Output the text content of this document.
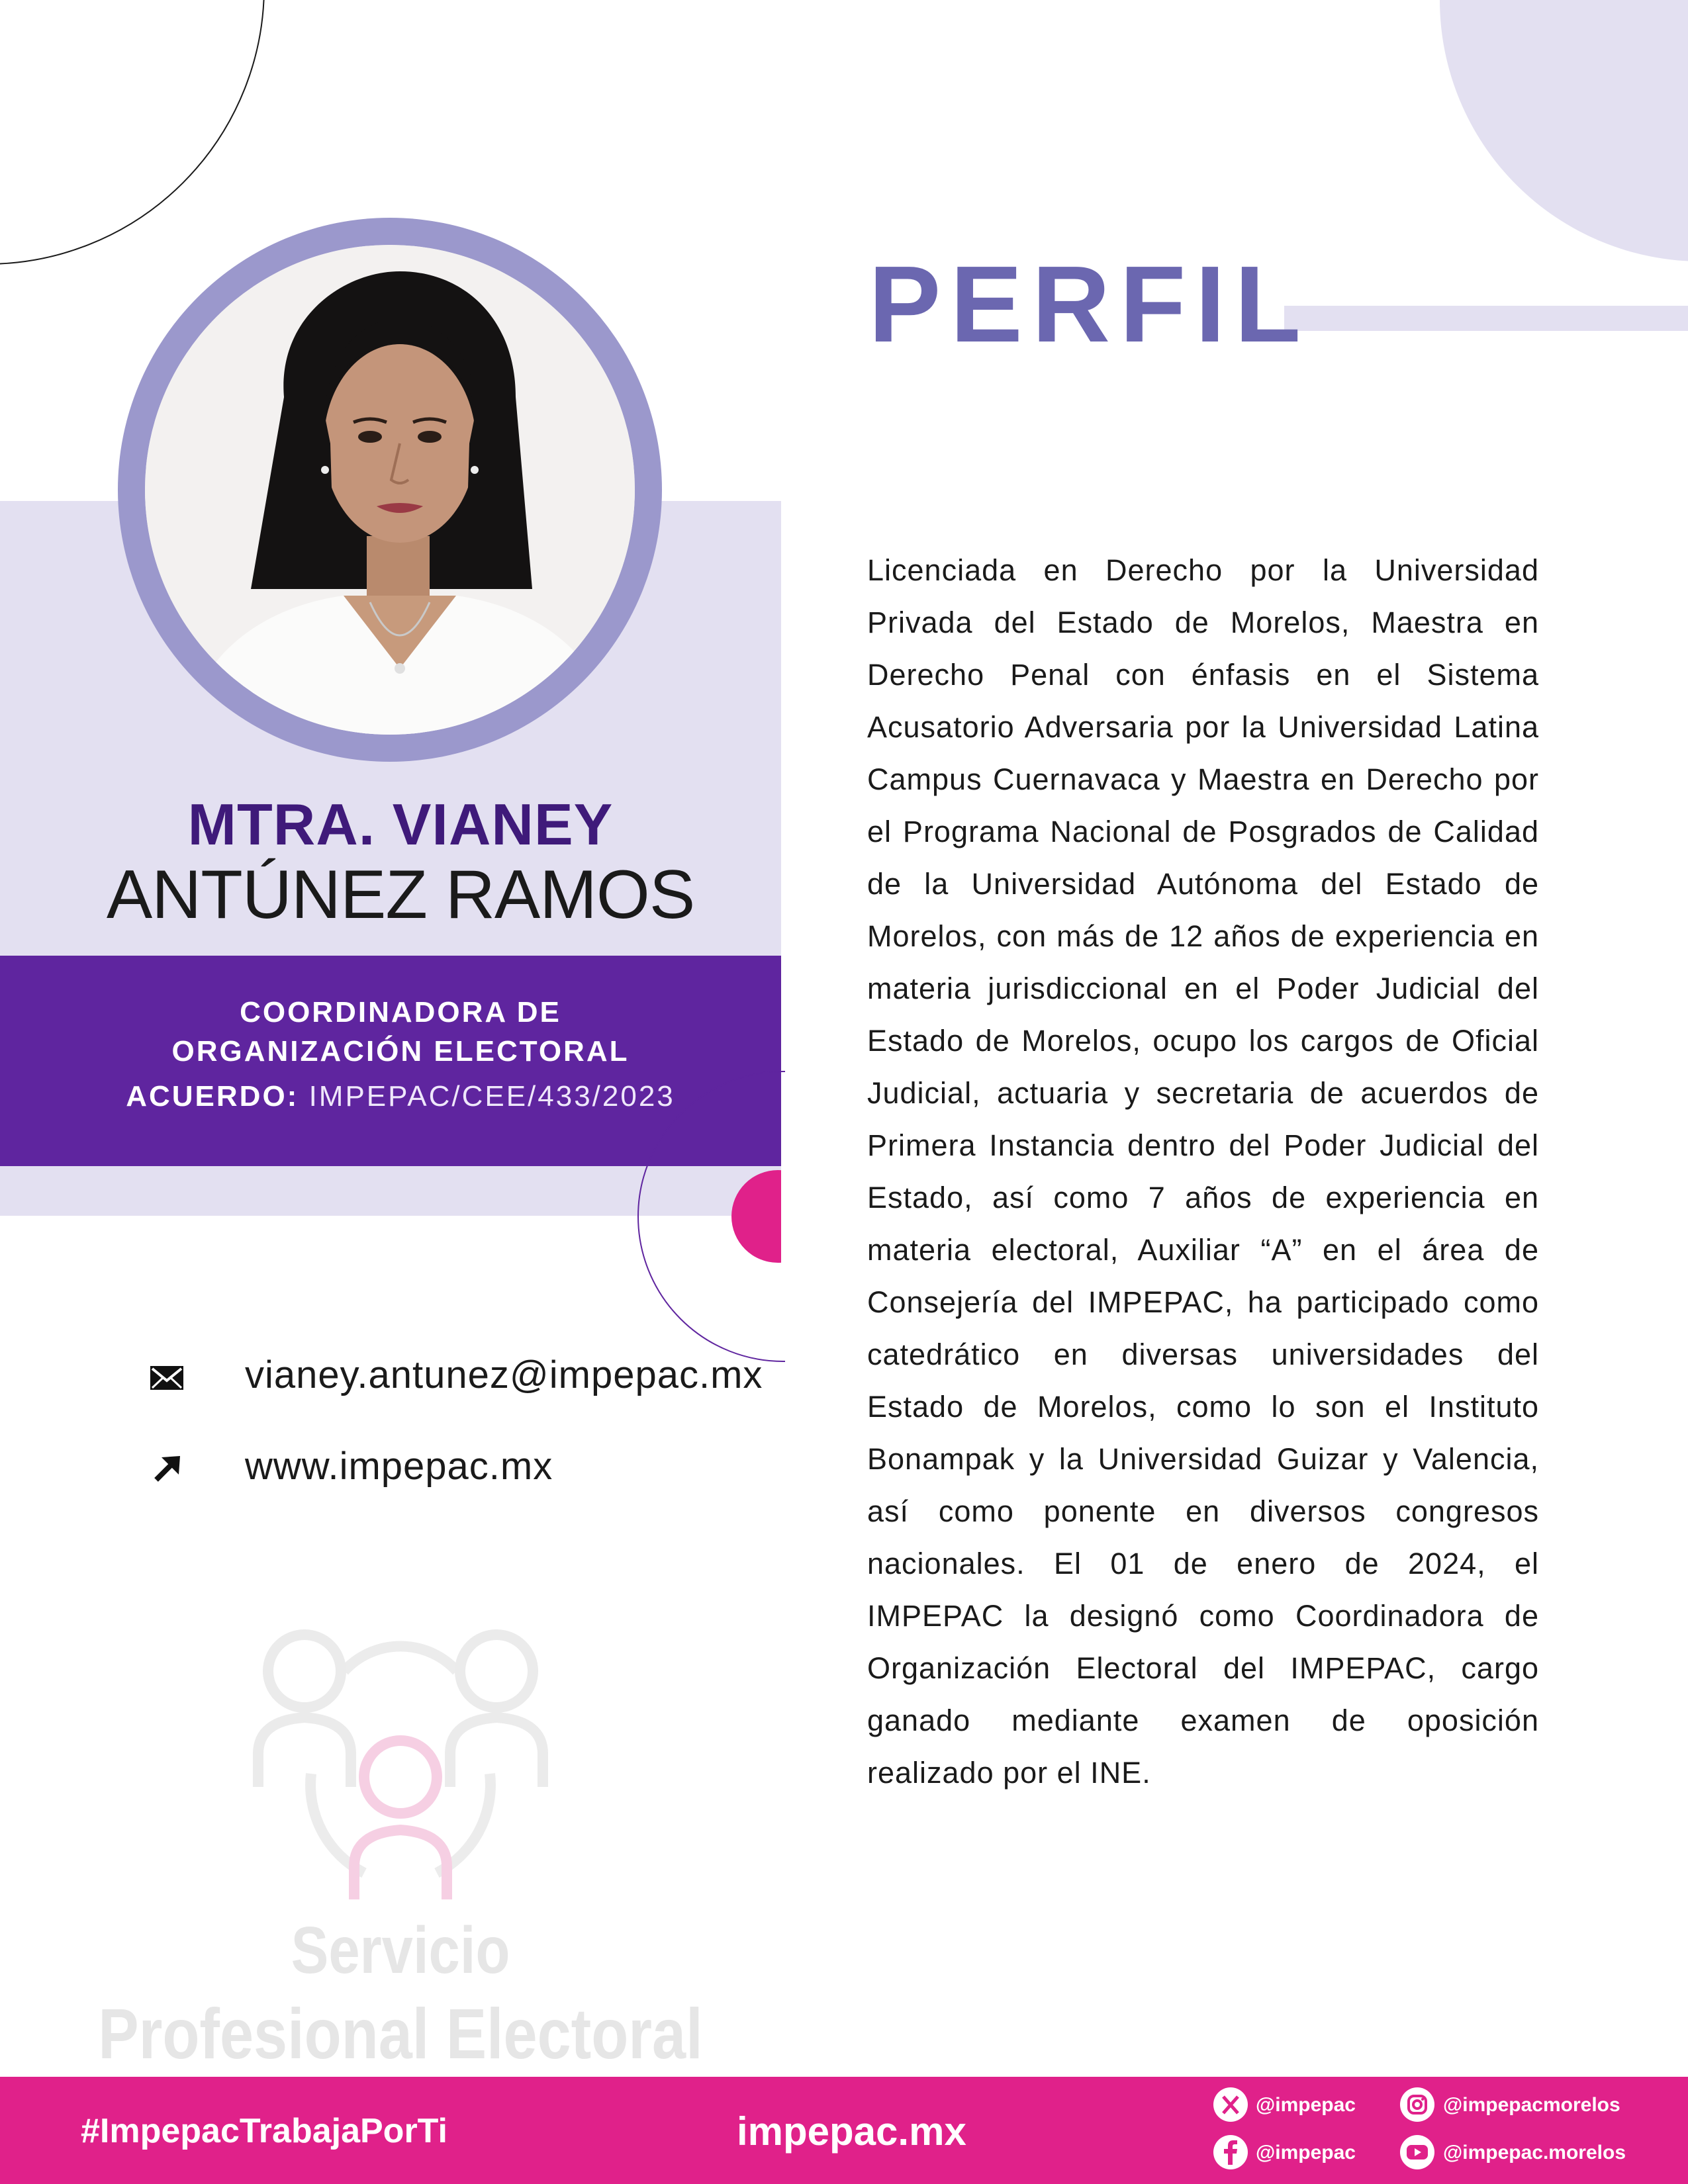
MTRA. VIANEY
ANTÚNEZ RAMOS
COORDINADORA DE
ORGANIZACIÓN ELECTORAL
ACUERDO: IMPEPAC/CEE/433/2023
vianey.antunez@impepac.mx
www.impepac.mx
PERFIL
Licenciada en Derecho por la Universidad Privada del Estado de Morelos, Maestra en Derecho Penal con énfasis en el Sistema Acusatorio Adversaria por la Universidad Latina Campus Cuernavaca y Maestra en Derecho por el Programa Nacional de Posgrados de Calidad de la Universidad Autónoma del Estado de Morelos, con más de 12 años de experiencia en materia jurisdiccional en el Poder Judicial del Estado de Morelos, ocupo los cargos de Oficial Judicial, actuaria y secretaria de acuerdos de Primera Instancia dentro del Poder Judicial del Estado, así como 7 años de experiencia en materia electoral, Auxiliar “A” en el área de Consejería del IMPEPAC, ha participado como catedrático en diversas universidades del Estado de Morelos, como lo son el Instituto Bonampak y la Universidad Guizar y Valencia, así como ponente en diversos congresos nacionales. El 01 de enero de 2024, el IMPEPAC la designó como Coordinadora de Organización Electoral del IMPEPAC, cargo ganado mediante examen de oposición realizado por el INE.
Servicio
Profesional Electoral
#ImpepacTrabajaPorTi	impepac.mx
@impepac	@impepacmorelos
@impepac	@impepac.morelos
